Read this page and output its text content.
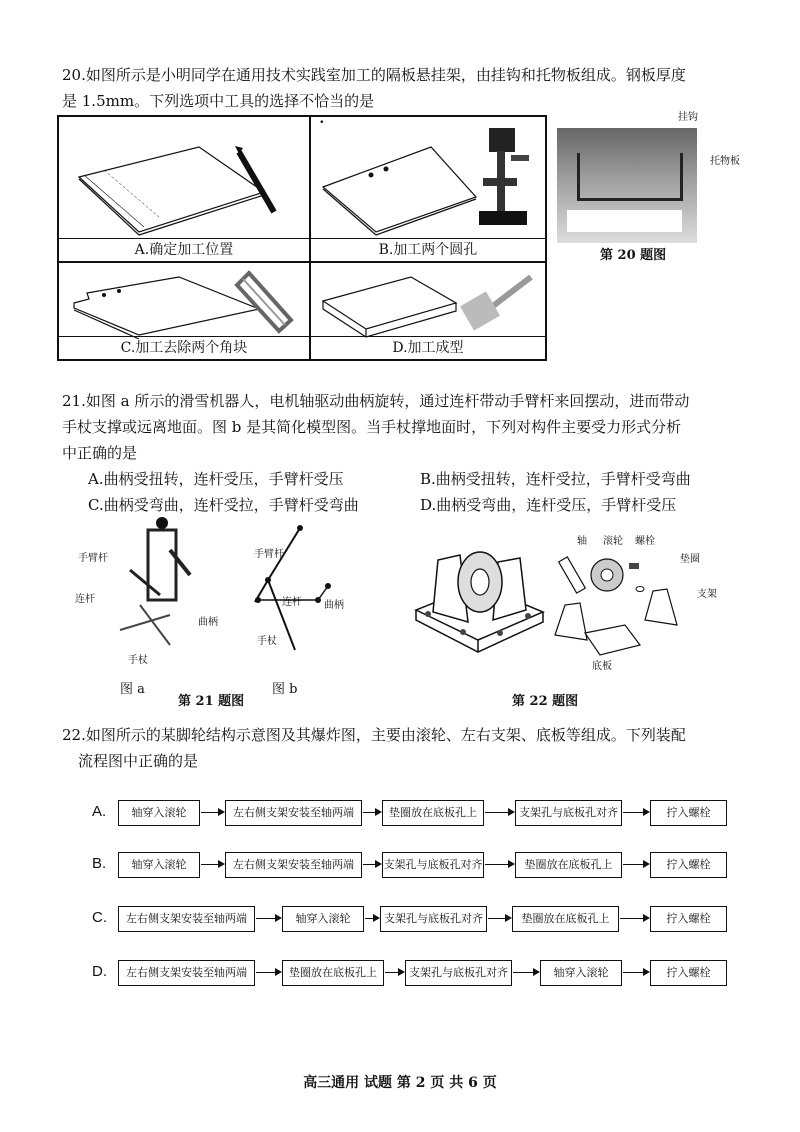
20.如图所示是小明同学在通用技术实践室加工的隔板悬挂架，由挂钩和托物板组成。钢板厚度
是 1.5mm。下列选项中工具的选择不恰当的是
A.确定加工位置	B.加工两个圆孔

C.加工去除两个角块	D.加工成型
挂钩
托物板
第 20 题图
21.如图 a 所示的滑雪机器人，电机轴驱动曲柄旋转，通过连杆带动手臂杆来回摆动，进而带动
手杖支撑或远离地面。图 b 是其简化模型图。当手杖撑地面时，下列对构件主要受力形式分析
中正确的是
A.曲柄受扭转，连杆受压，手臂杆受压	B.曲柄受扭转，连杆受拉，手臂杆受弯曲
C.曲柄受弯曲，连杆受拉，手臂杆受弯曲	D.曲柄受弯曲，连杆受压，手臂杆受压
手臂杆
连杆
曲柄
手杖
图 a
手臂杆
连杆 曲柄
手杖
图 b
第 21 题图
轴 滚轮 螺栓
垫圈
支架
底板
第 22 题图
22.如图所示的某脚轮结构示意图及其爆炸图，主要由滚轮、左右支架、底板等组成。下列装配
流程图中正确的是
A.	轴穿入滚轮	左右侧支架安装至轴两端	垫圈放在底板孔上	支架孔与底板孔对齐	拧入螺栓
B.	轴穿入滚轮	左右侧支架安装至轴两端	支架孔与底板孔对齐	垫圈放在底板孔上	拧入螺栓
C.	左右侧支架安装至轴两端	轴穿入滚轮	支架孔与底板孔对齐	垫圈放在底板孔上	拧入螺栓
D.	左右侧支架安装至轴两端	垫圈放在底板孔上	支架孔与底板孔对齐	轴穿入滚轮	拧入螺栓
高三通用 试题 第 2 页 共 6 页
